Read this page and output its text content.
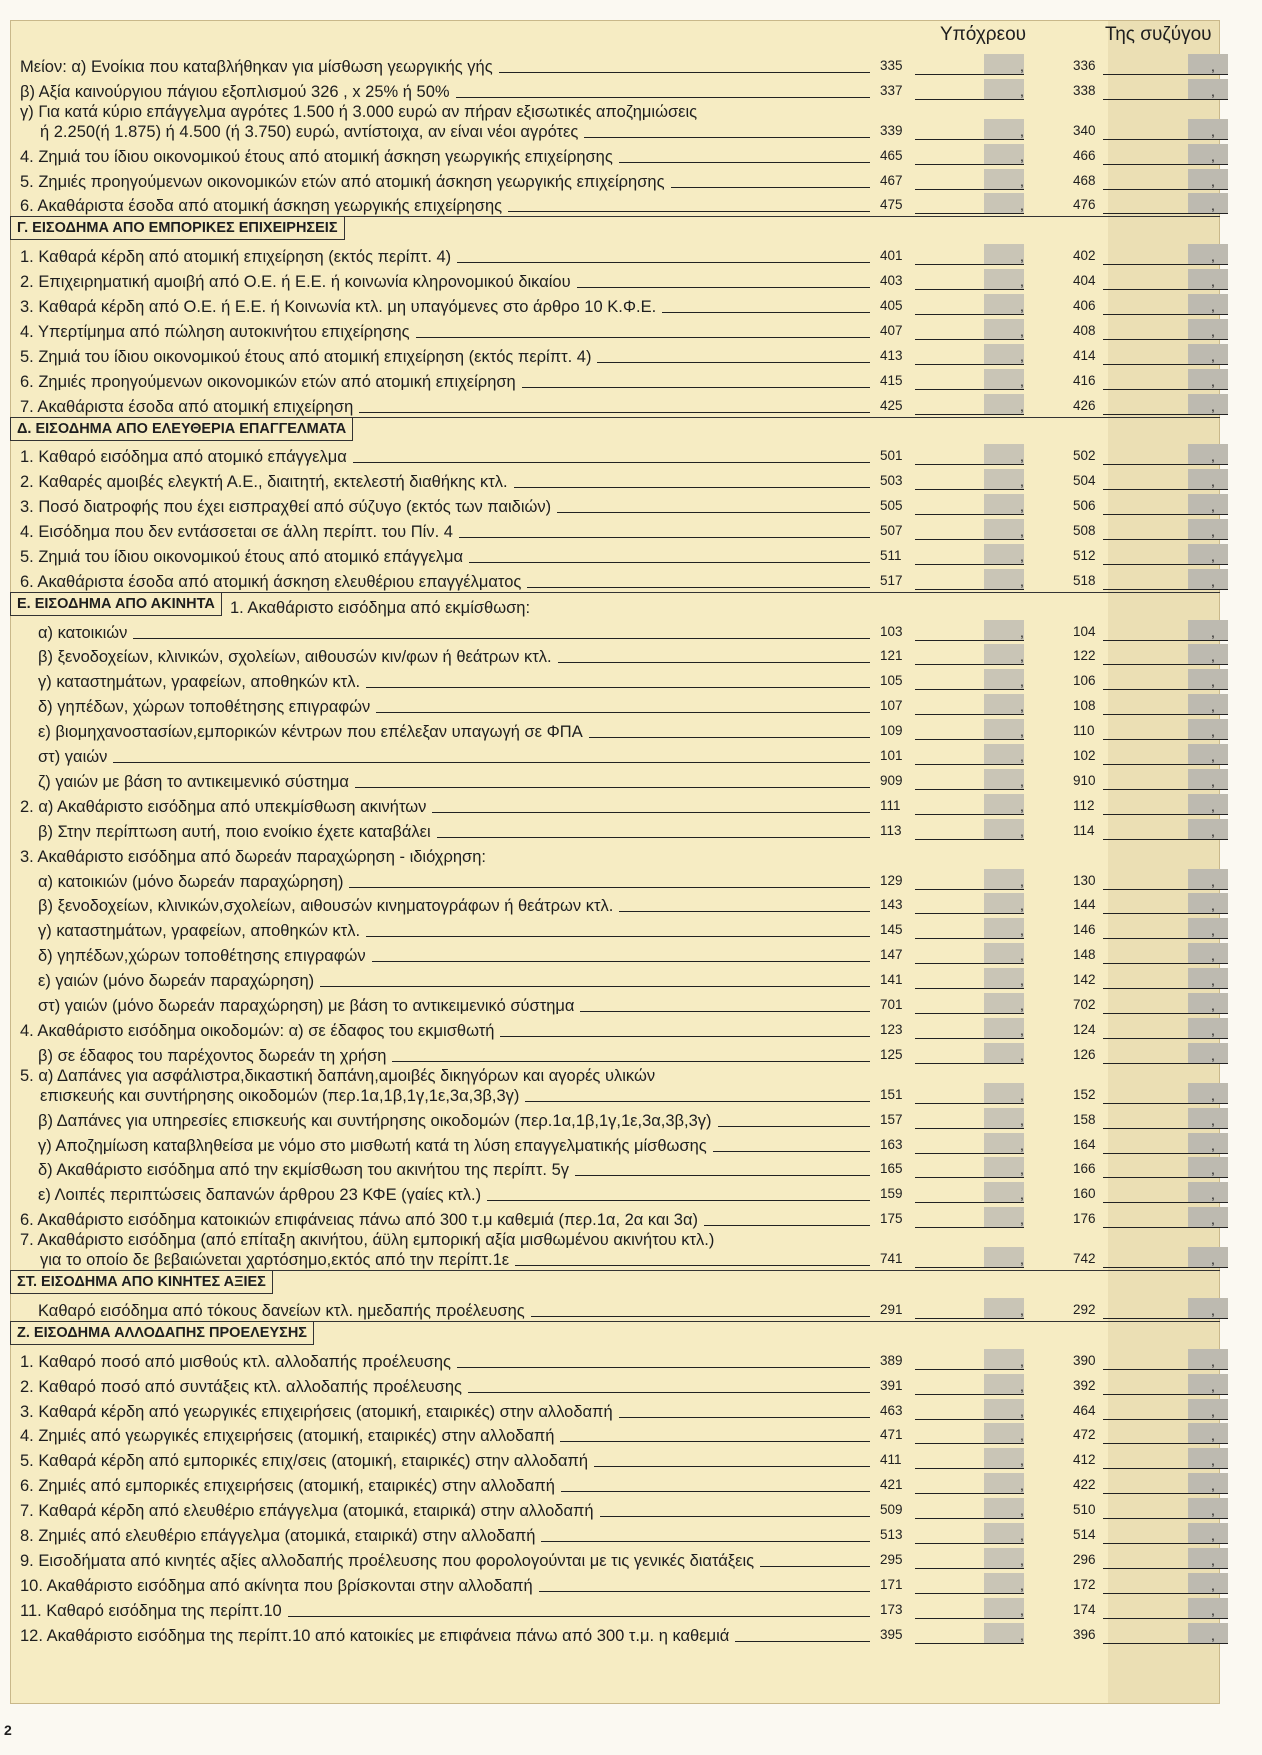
Υπόχρεου	Της συζύγου
Μείον: α) Ενοίκια που καταβλήθηκαν για μίσθωση γεωργικής γής	335	,	336	,
β) Αξία καινούργιου πάγιου εξοπλισμού 326 , x 25% ή 50%	337	,	338	,
γ) Για κατά κύριο επάγγελμα αγρότες 1.500 ή 3.000 ευρώ αν πήραν εξισωτικές αποζημιώσεις
ή 2.250(ή 1.875) ή 4.500 (ή 3.750) ευρώ, αντίστοιχα, αν είναι νέοι αγρότες	339	,	340	,
4. Ζημιά του ίδιου οικονομικού έτους από ατομική άσκηση γεωργικής επιχείρησης	465	,	466	,
5. Ζημιές προηγούμενων οικονομικών ετών από ατομική άσκηση γεωργικής επιχείρησης	467	,	468	,
6. Ακαθάριστα έσοδα από ατομική άσκηση γεωργικής επιχείρησης	475	,	476	,
Γ. ΕΙΣΟΔΗΜΑ ΑΠΟ ΕΜΠΟΡΙΚΕΣ ΕΠΙΧΕΙΡΗΣΕΙΣ
1. Καθαρά κέρδη από ατομική επιχείρηση (εκτός περίπτ. 4)	401	,	402	,
2. Επιχειρηματική αμοιβή από Ο.Ε. ή Ε.Ε. ή κοινωνία κληρονομικού δικαίου	403	,	404	,
3. Καθαρά κέρδη από Ο.Ε. ή Ε.Ε. ή Κοινωνία κτλ. μη υπαγόμενες στο άρθρο 10 Κ.Φ.Ε.	405	,	406	,
4. Υπερτίμημα από πώληση αυτοκινήτου επιχείρησης	407	,	408	,
5. Ζημιά του ίδιου οικονομικού έτους από ατομική επιχείρηση (εκτός περίπτ. 4)	413	,	414	,
6. Ζημιές προηγούμενων οικονομικών ετών από ατομική επιχείρηση	415	,	416	,
7. Ακαθάριστα έσοδα από ατομική επιχείρηση	425	,	426	,
Δ. ΕΙΣΟΔΗΜΑ ΑΠΟ ΕΛΕΥΘΕΡΙΑ ΕΠΑΓΓΕΛΜΑΤΑ
1. Καθαρό εισόδημα από ατομικό επάγγελμα	501	,	502	,
2. Καθαρές αμοιβές ελεγκτή Α.Ε., διαιτητή, εκτελεστή διαθήκης κτλ.	503	,	504	,
3. Ποσό διατροφής που έχει εισπραχθεί από σύζυγο (εκτός των παιδιών)	505	,	506	,
4. Εισόδημα που δεν εντάσσεται σε άλλη περίπτ. του Πίν. 4	507	,	508	,
5. Ζημιά του ίδιου οικονομικού έτους από ατομικό επάγγελμα	511	,	512	,
6. Ακαθάριστα έσοδα από ατομική άσκηση ελευθέριου επαγγέλματος	517	,	518	,
Ε. ΕΙΣΟΔΗΜΑ ΑΠΟ ΑΚΙΝΗΤΑ 1. Ακαθάριστο εισόδημα από εκμίσθωση:
α) κατοικιών	103	,	104	,
β) ξενοδοχείων, κλινικών, σχολείων, αιθουσών κιν/φων ή θεάτρων κτλ.	121	,	122	,
γ) καταστημάτων, γραφείων, αποθηκών κτλ.	105	,	106	,
δ) γηπέδων, χώρων τοποθέτησης επιγραφών	107	,	108	,
ε) βιομηχανοστασίων,εμπορικών κέντρων που επέλεξαν υπαγωγή σε ΦΠΑ	109	,	110	,
στ) γαιών	101	,	102	,
ζ) γαιών με βάση το αντικειμενικό σύστημα	909	,	910	,
2. α) Ακαθάριστο εισόδημα από υπεκμίσθωση ακινήτων	111	,	112	,
β) Στην περίπτωση αυτή, ποιο ενοίκιο έχετε καταβάλει	113	,	114	,
3. Ακαθάριστο εισόδημα από δωρεάν παραχώρηση - ιδιόχρηση:
α) κατοικιών (μόνο δωρεάν παραχώρηση)	129	,	130	,
β) ξενοδοχείων, κλινικών,σχολείων, αιθουσών κινηματογράφων ή θεάτρων κτλ.	143	,	144	,
γ) καταστημάτων, γραφείων, αποθηκών κτλ.	145	,	146	,
δ) γηπέδων,χώρων τοποθέτησης επιγραφών	147	,	148	,
ε) γαιών (μόνο δωρεάν παραχώρηση)	141	,	142	,
στ) γαιών (μόνο δωρεάν παραχώρηση) με βάση το αντικειμενικό σύστημα	701	,	702	,
4. Ακαθάριστο εισόδημα οικοδομών: α) σε έδαφος του εκμισθωτή	123	,	124	,
β) σε έδαφος του παρέχοντος δωρεάν τη χρήση	125	,	126	,
5. α) Δαπάνες για ασφάλιστρα,δικαστική δαπάνη,αμοιβές δικηγόρων και αγορές υλικών
επισκευής και συντήρησης οικοδομών (περ.1α,1β,1γ,1ε,3α,3β,3γ)	151	,	152	,
β) Δαπάνες για υπηρεσίες επισκευής και συντήρησης οικοδομών (περ.1α,1β,1γ,1ε,3α,3β,3γ)	157	,	158	,
γ) Αποζημίωση καταβληθείσα με νόμο στο μισθωτή κατά τη λύση επαγγελματικής μίσθωσης	163	,	164	,
δ) Ακαθάριστο εισόδημα από την εκμίσθωση του ακινήτου της περίπτ. 5γ	165	,	166	,
ε) Λοιπές περιπτώσεις δαπανών άρθρου 23 ΚΦΕ (γαίες κτλ.)	159	,	160	,
6. Ακαθάριστο εισόδημα κατοικιών επιφάνειας πάνω από 300 τ.μ καθεμιά (περ.1α, 2α και 3α)	175	,	176	,
7. Ακαθάριστο εισόδημα (από επίταξη ακινήτου, άϋλη εμπορική αξία μισθωμένου ακινήτου κτλ.)
για το οποίο δε βεβαιώνεται χαρτόσημο,εκτός από την περίπτ.1ε	741	,	742	,
ΣΤ. ΕΙΣΟΔΗΜΑ ΑΠΟ ΚΙΝΗΤΕΣ ΑΞΙΕΣ
Καθαρό εισόδημα από τόκους δανείων κτλ. ημεδαπής προέλευσης	291	,	292	,
Ζ. ΕΙΣΟΔΗΜΑ ΑΛΛΟΔΑΠΗΣ ΠΡΟΕΛΕΥΣΗΣ
1. Καθαρό ποσό από μισθούς κτλ. αλλοδαπής προέλευσης	389	,	390	,
2. Καθαρό ποσό από συντάξεις κτλ. αλλοδαπής προέλευσης	391	,	392	,
3. Καθαρά κέρδη από γεωργικές επιχειρήσεις (ατομική, εταιρικές) στην αλλοδαπή	463	,	464	,
4. Ζημιές από γεωργικές επιχειρήσεις (ατομική, εταιρικές) στην αλλοδαπή	471	,	472	,
5. Καθαρά κέρδη από εμπορικές επιχ/σεις (ατομική, εταιρικές) στην αλλοδαπή	411	,	412	,
6. Ζημιές από εμπορικές επιχειρήσεις (ατομική, εταιρικές) στην αλλοδαπή	421	,	422	,
7. Καθαρά κέρδη από ελευθέριο επάγγελμα (ατομικά, εταιρικά) στην αλλοδαπή	509	,	510	,
8. Ζημιές από ελευθέριο επάγγελμα (ατομικά, εταιρικά) στην αλλοδαπή	513	,	514	,
9. Εισοδήματα από κινητές αξίες αλλοδαπής προέλευσης που φορολογούνται με τις γενικές διατάξεις	295	,	296	,
10. Ακαθάριστο εισόδημα από ακίνητα που βρίσκονται στην αλλοδαπή	171	,	172	,
11. Καθαρό εισόδημα της περίπτ.10	173	,	174	,
12. Ακαθάριστο εισόδημα της περίπτ.10 από κατοικίες με επιφάνεια πάνω από 300 τ.μ. η καθεμιά	395	,	396	,
2
